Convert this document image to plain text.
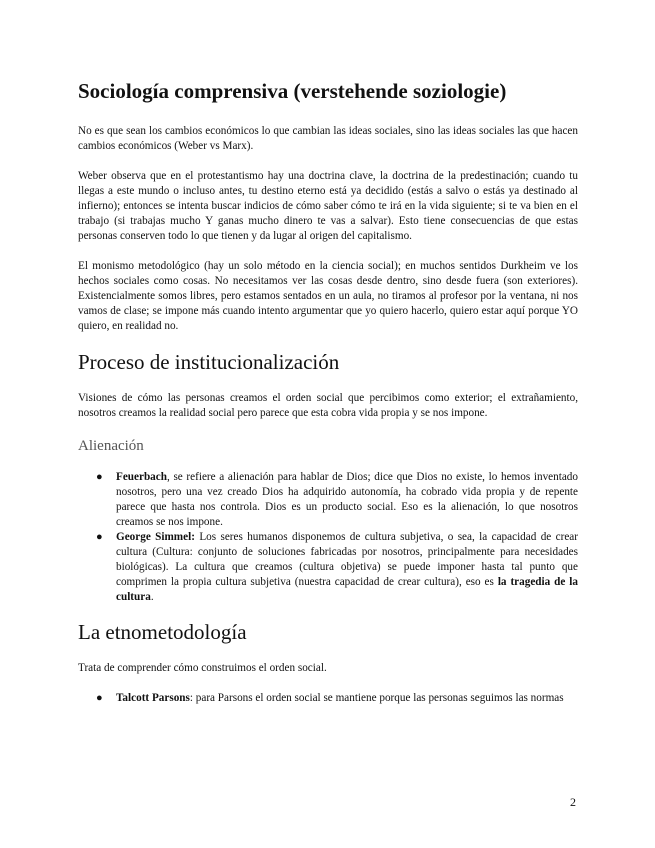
Sociología comprensiva (verstehende soziologie)

No es que sean los cambios económicos lo que cambian las ideas sociales, sino las ideas sociales las que hacen cambios económicos (Weber vs Marx).

Weber observa que en el protestantismo hay una doctrina clave, la doctrina de la predestinación; cuando tu llegas a este mundo o incluso antes, tu destino eterno está ya decidido (estás a salvo o estás ya destinado al infierno); entonces se intenta buscar indicios de cómo saber cómo te irá en la vida siguiente; si te va bien en el trabajo (si trabajas mucho Y ganas mucho dinero te vas a salvar). Esto tiene consecuencias de que estas personas conserven todo lo que tienen y da lugar al origen del capitalismo.

El monismo metodológico (hay un solo método en la ciencia social); en muchos sentidos Durkheim ve los hechos sociales como cosas. No necesitamos ver las cosas desde dentro, sino desde fuera (son exteriores). Existencialmente somos libres, pero estamos sentados en un aula, no tiramos al profesor por la ventana, ni nos vamos de clase; se impone más cuando intento argumentar que yo quiero hacerlo, quiero estar aquí porque YO quiero, en realidad no.

Proceso de institucionalización

Visiones de cómo las personas creamos el orden social que percibimos como exterior; el extrañamiento, nosotros creamos la realidad social pero parece que esta cobra vida propia y se nos impone.

Alienación
● Feuerbach, se refiere a alienación para hablar de Dios; dice que Dios no existe, lo hemos inventado nosotros, pero una vez creado Dios ha adquirido autonomía, ha cobrado vida propia y de repente parece que hasta nos controla. Dios es un producto social. Eso es la alienación, lo que nosotros creamos se nos impone.
● George Simmel: Los seres humanos disponemos de cultura subjetiva, o sea, la capacidad de crear cultura (Cultura: conjunto de soluciones fabricadas por nosotros, principalmente para necesidades biológicas). La cultura que creamos (cultura objetiva) se puede imponer hasta tal punto que comprimen la propia cultura subjetiva (nuestra capacidad de crear cultura), eso es la tragedia de la cultura.
La etnometodología

Trata de comprender cómo construimos el orden social.

● Talcott Parsons: para Parsons el orden social se mantiene porque las personas seguimos las normas
2
